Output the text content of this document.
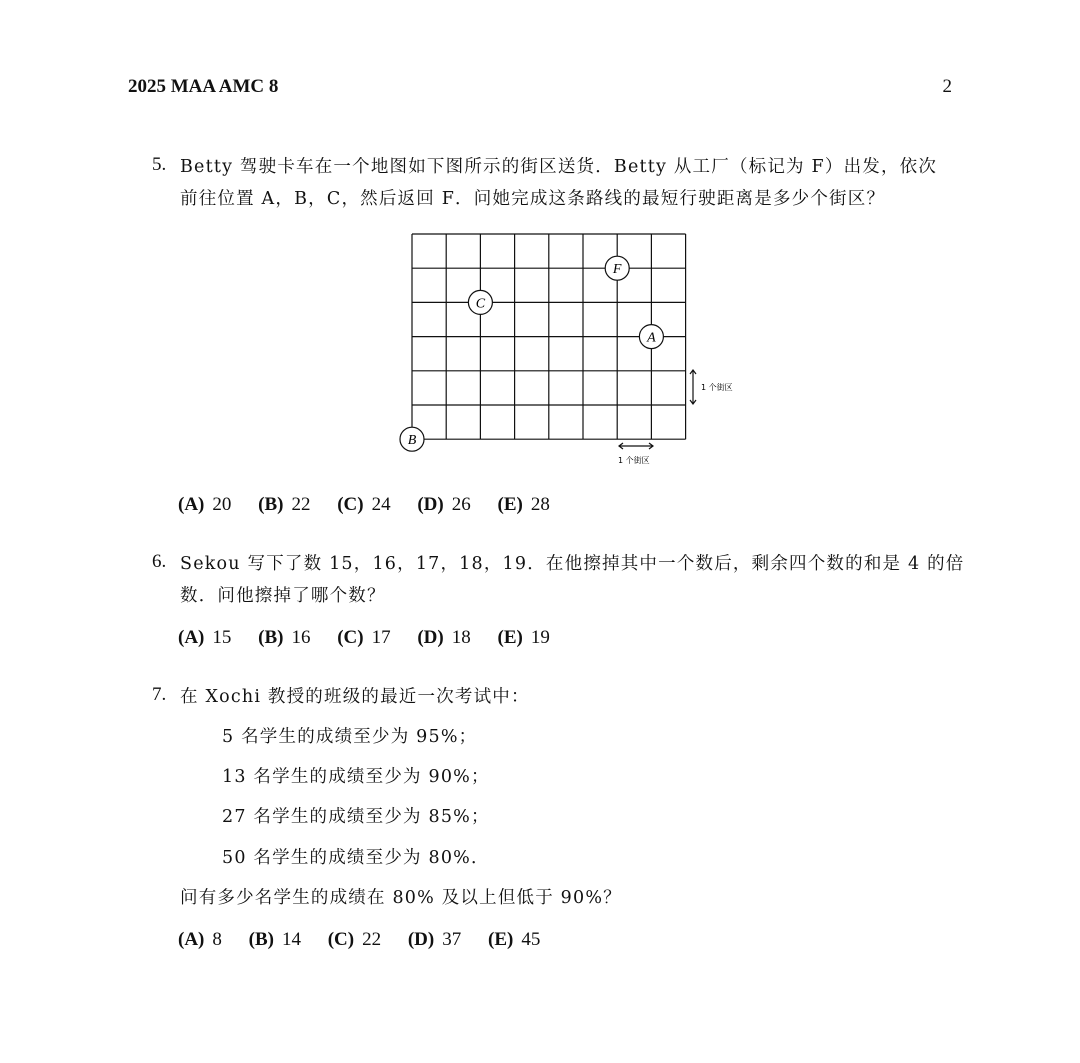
2025 MAA AMC 8	2
5. Betty 驾驶卡车在一个地图如下图所示的街区送货．Betty 从工厂（标记为 F）出发，依次
前往位置 A，B，C，然后返回 F．问她完成这条路线的最短行驶距离是多少个街区？
F
C
A
B
1 个街区
1 个街区
(A) 20 (B) 22 (C) 24 (D) 26 (E) 28
6. Sekou 写下了数 15，16，17，18，19．在他擦掉其中一个数后，剩余四个数的和是 4 的倍
数．问他擦掉了哪个数？
(A) 15 (B) 16 (C) 17 (D) 18 (E) 19
7. 在 Xochi 教授的班级的最近一次考试中：
5 名学生的成绩至少为 95%；
13 名学生的成绩至少为 90%；
27 名学生的成绩至少为 85%；
50 名学生的成绩至少为 80%．
问有多少名学生的成绩在 80% 及以上但低于 90%？
(A) 8 (B) 14 (C) 22 (D) 37 (E) 45
